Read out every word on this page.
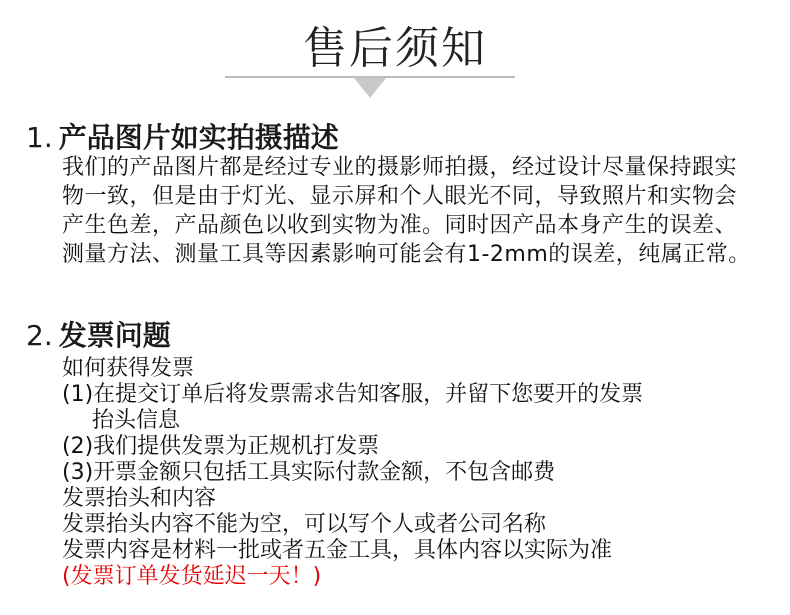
售后须知
1. 产品图片如实拍摄描述
我们的产品图片都是经过专业的摄影师拍摄，经过设计尽量保持跟实物一致，但是由于灯光、显示屏和个人眼光不同，导致照片和实物会产生色差，产品颜色以收到实物为准。同时因产品本身产生的误差、测量方法、测量工具等因素影响可能会有1-2mm的误差，纯属正常。
2. 发票问题
如何获得发票
(1)在提交订单后将发票需求告知客服，并留下您要开的发票
抬头信息
(2)我们提供发票为正规机打发票
(3)开票金额只包括工具实际付款金额，不包含邮费
发票抬头和内容
发票抬头内容不能为空，可以写个人或者公司名称
发票内容是材料一批或者五金工具，具体内容以实际为准
(发票订单发货延迟一天！)
